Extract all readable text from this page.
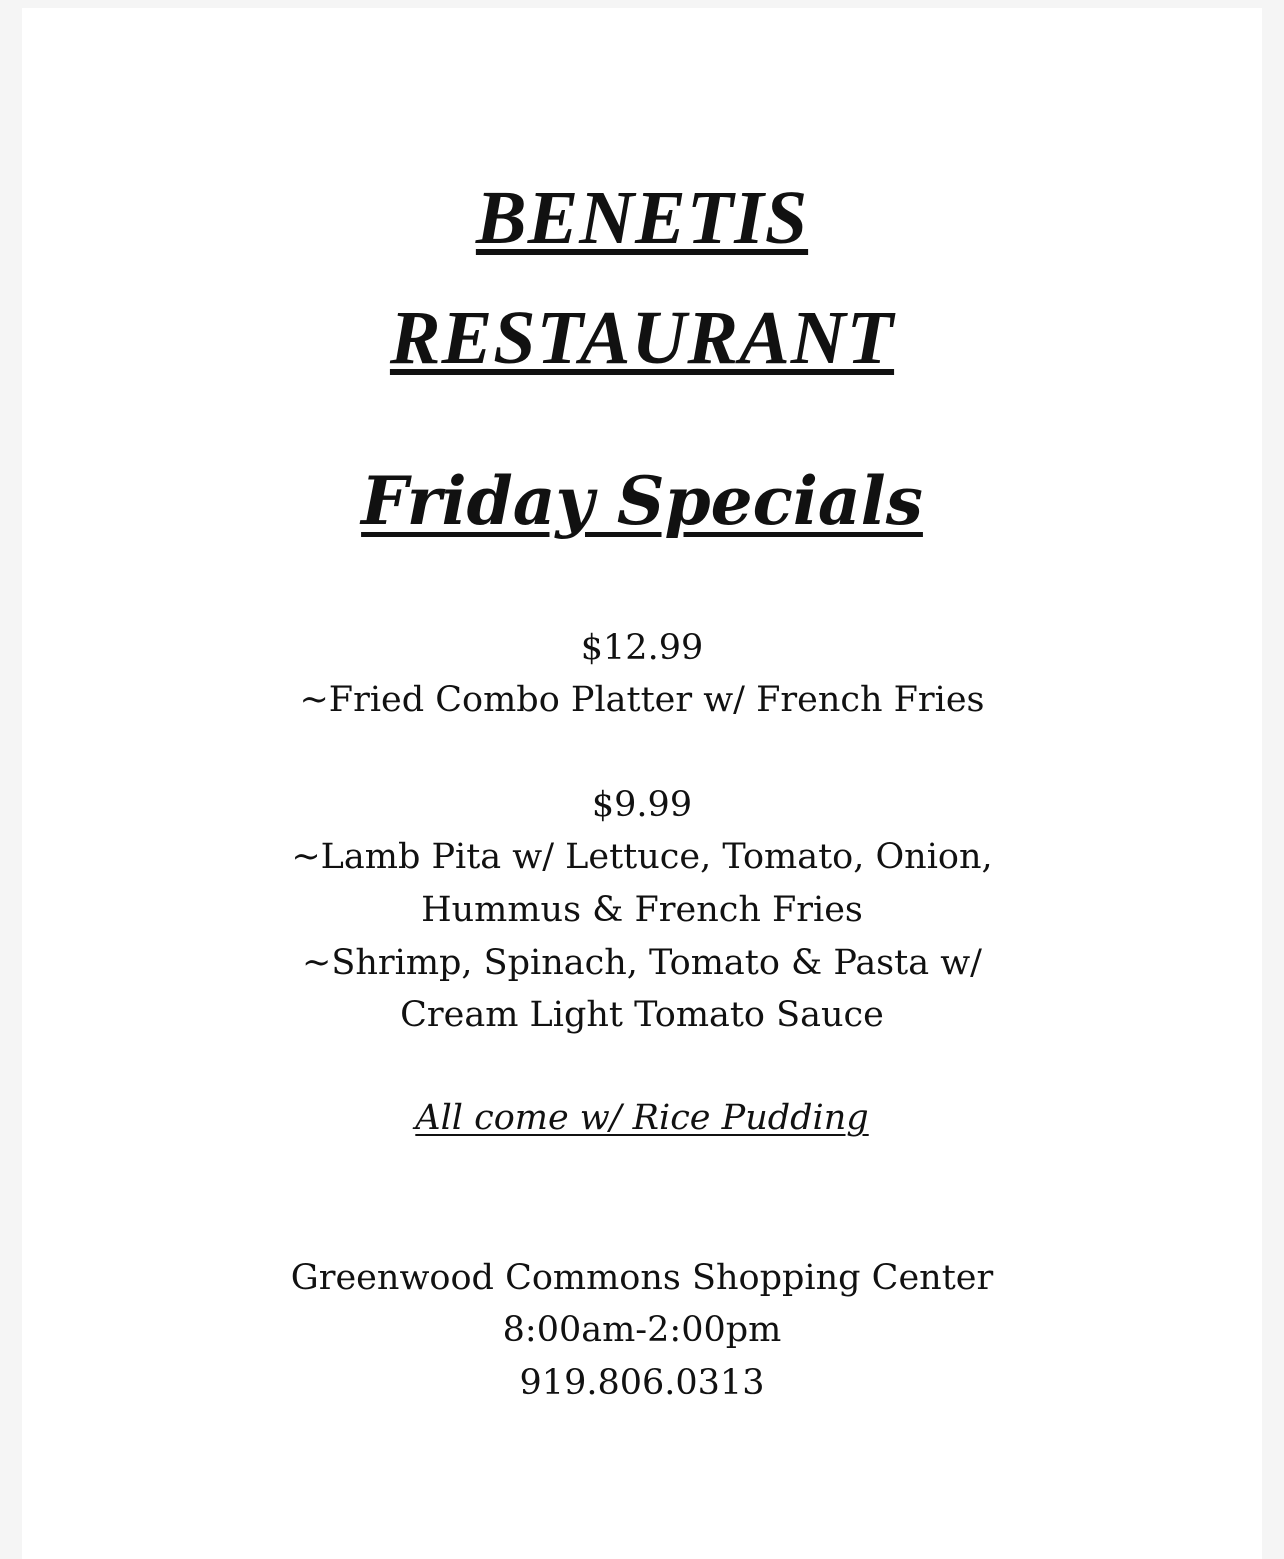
BENETIS
RESTAURANT
Friday Specials

$12.99

~Fried Combo Platter w/ French Fries

$9.99

~Lamb Pita w/ Lettuce, Tomato, Onion,

Hummus & French Fries

~Shrimp, Spinach, Tomato & Pasta w/

Cream Light Tomato Sauce

All come w/ Rice Pudding

Greenwood Commons Shopping Center

8:00am-2:00pm

919.806.0313
